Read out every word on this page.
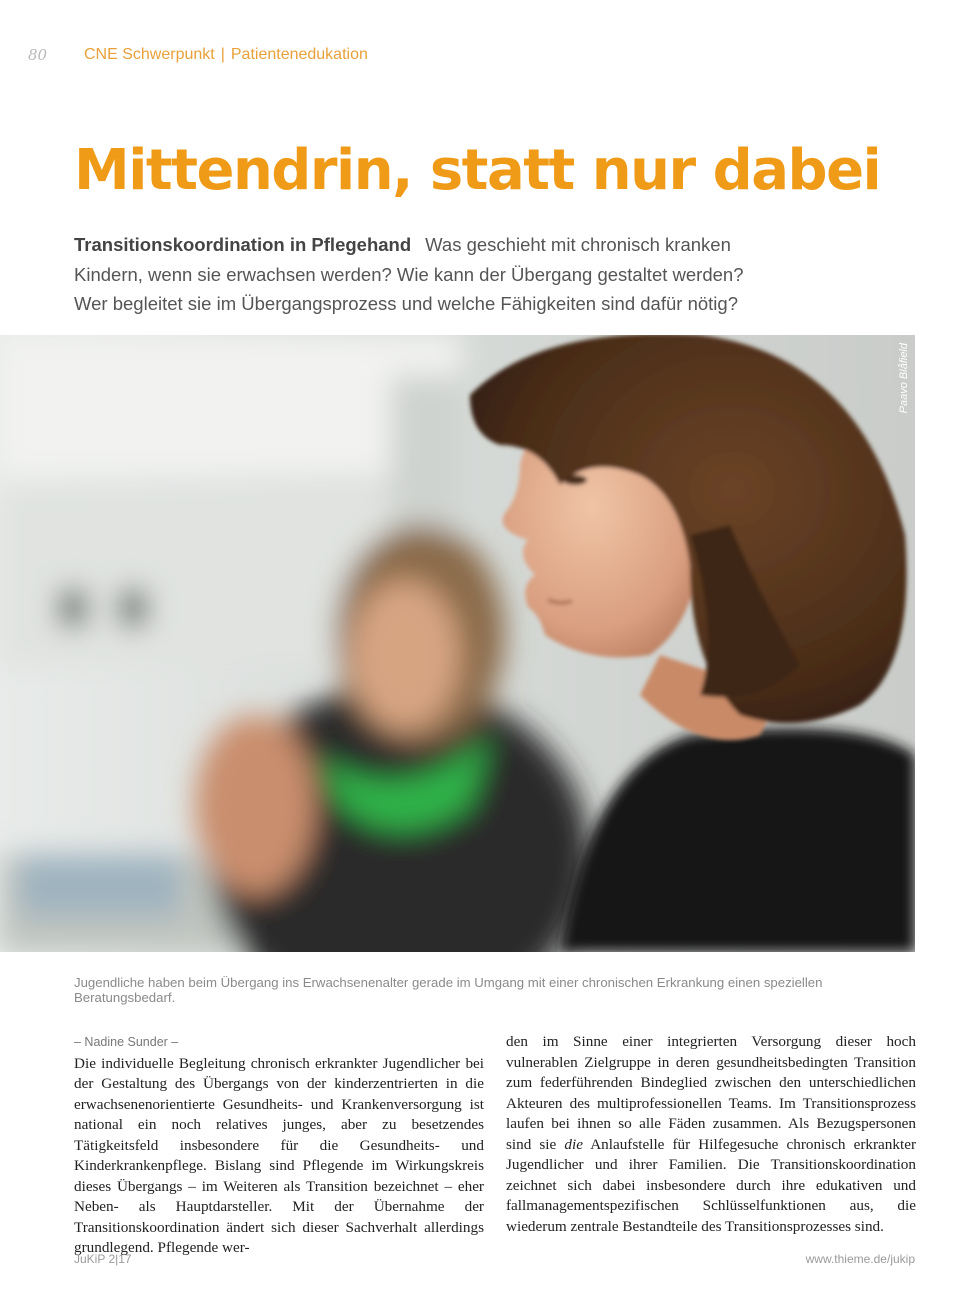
80	CNE Schwerpunkt | Patientenedukation
Mittendrin, statt nur dabei
Transitionskoordination in Pflegehand Was geschieht mit chronisch kranken Kindern, wenn sie erwachsen werden? Wie kann der Übergang gestaltet werden? Wer begleitet sie im Übergangsprozess und welche Fähigkeiten sind dafür nötig?
Paavo Blåfield
Jugendliche haben beim Übergang ins Erwachsenenalter gerade im Umgang mit einer chronischen Erkrankung einen speziellen Beratungsbedarf.
– Nadine Sunder –

Die individuelle Begleitung chronisch erkrankter Jugendlicher bei der Gestaltung des Übergangs von der kinderzentrierten in die erwachsenenorientierte Gesundheits- und Krankenversorgung ist national ein noch relatives junges, aber zu besetzendes Tätigkeitsfeld insbesondere für die Gesundheits- und Kinderkrankenpflege. Bislang sind Pflegende im Wirkungskreis dieses Übergangs – im Weiteren als Transition bezeichnet – eher Neben- als Hauptdarsteller. Mit der Übernahme der Transitionskoordination ändert sich dieser Sachverhalt allerdings grundlegend. Pflegende wer-

den im Sinne einer integrierten Versorgung dieser hoch vulnerablen Zielgruppe in deren gesundheitsbedingten Transition zum federführenden Bindeglied zwischen den unterschiedlichen Akteuren des multiprofessionellen Teams. Im Transitionsprozess laufen bei ihnen so alle Fäden zusammen. Als Bezugspersonen sind sie die Anlaufstelle für Hilfegesuche chronisch erkrankter Jugendlicher und ihrer Familien. Die Transitionskoordination zeichnet sich dabei insbesondere durch ihre edukativen und fallmanagementspezifischen Schlüsselfunktionen aus, die wiederum zentrale Bestandteile des Transitionsprozesses sind.

JuKiP 2|17	www.thieme.de/jukip
